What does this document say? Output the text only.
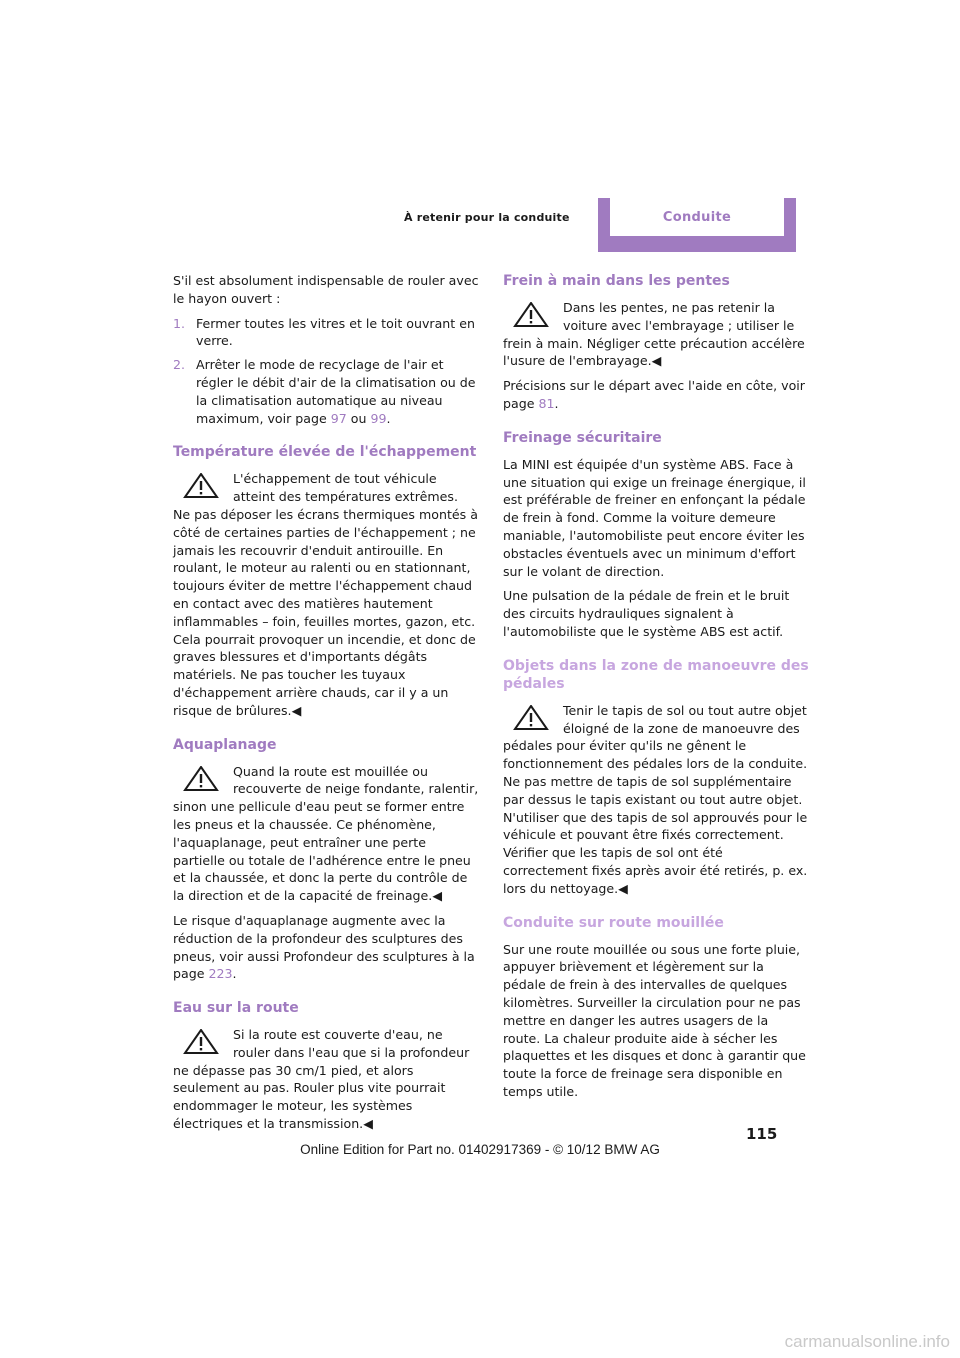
À retenir pour la conduite	Conduite

S'il est absolument indispensable de rouler avec le hayon ouvert :

1. Fermer toutes les vitres et le toit ouvrant en verre.
2. Arrêter le mode de recyclage de l'air et régler le débit d'air de la climatisation ou de la climatisation automatique au niveau maximum, voir page 97 ou 99.
Température élevée de l'échappement
L'échappement de tout véhicule atteint des températures extrêmes. Ne pas déposer les écrans thermiques montés à côté de certaines parties de l'échappement ; ne jamais les recouvrir d'enduit antirouille. En roulant, le moteur au ralenti ou en stationnant, toujours éviter de mettre l'échappement chaud en contact avec des matières hautement inflammables – foin, feuilles mortes, gazon, etc. Cela pourrait provoquer un incendie, et donc de graves blessures et d'importants dégâts matériels. Ne pas toucher les tuyaux d'échappement arrière chauds, car il y a un risque de brûlures.◀
Aquaplanage
Quand la route est mouillée ou recouverte de neige fondante, ralentir, sinon une pellicule d'eau peut se former entre les pneus et la chaussée. Ce phénomène, l'aquaplanage, peut entraîner une perte partielle ou totale de l'adhérence entre le pneu et la chaussée, et donc la perte du contrôle de la direction et de la capacité de freinage.◀

Le risque d'aquaplanage augmente avec la réduction de la profondeur des sculptures des pneus, voir aussi Profondeur des sculptures à la page 223.

Eau sur la route
Si la route est couverte d'eau, ne rouler dans l'eau que si la profondeur ne dépasse pas 30 cm/1 pied, et alors seulement au pas. Rouler plus vite pourrait endommager le moteur, les systèmes électriques et la transmission.◀
Frein à main dans les pentes
Dans les pentes, ne pas retenir la voiture avec l'embrayage ; utiliser le frein à main. Négliger cette précaution accélère l'usure de l'embrayage.◀

Précisions sur le départ avec l'aide en côte, voir page 81.

Freinage sécuritaire

La MINI est équipée d'un système ABS. Face à une situation qui exige un freinage énergique, il est préférable de freiner en enfonçant la pédale de frein à fond. Comme la voiture demeure maniable, l'automobiliste peut encore éviter les obstacles éventuels avec un minimum d'effort sur le volant de direction.

Une pulsation de la pédale de frein et le bruit des circuits hydrauliques signalent à l'automobiliste que le système ABS est actif.

Objets dans la zone de manoeuvre des pédales
Tenir le tapis de sol ou tout autre objet éloigné de la zone de manoeuvre des pédales pour éviter qu'ils ne gênent le fonctionnement des pédales lors de la conduite. Ne pas mettre de tapis de sol supplémentaire par dessus le tapis existant ou tout autre objet. N'utiliser que des tapis de sol approuvés pour le véhicule et pouvant être fixés correctement. Vérifier que les tapis de sol ont été correctement fixés après avoir été retirés, p. ex. lors du nettoyage.◀
Conduite sur route mouillée

Sur une route mouillée ou sous une forte pluie, appuyer brièvement et légèrement sur la pédale de frein à des intervalles de quelques kilomètres. Surveiller la circulation pour ne pas mettre en danger les autres usagers de la route. La chaleur produite aide à sécher les plaquettes et les disques et donc à garantir que toute la force de freinage sera disponible en temps utile.

115
Online Edition for Part no. 01402917369 - © 10/12 BMW AG
carmanualsonline.info
